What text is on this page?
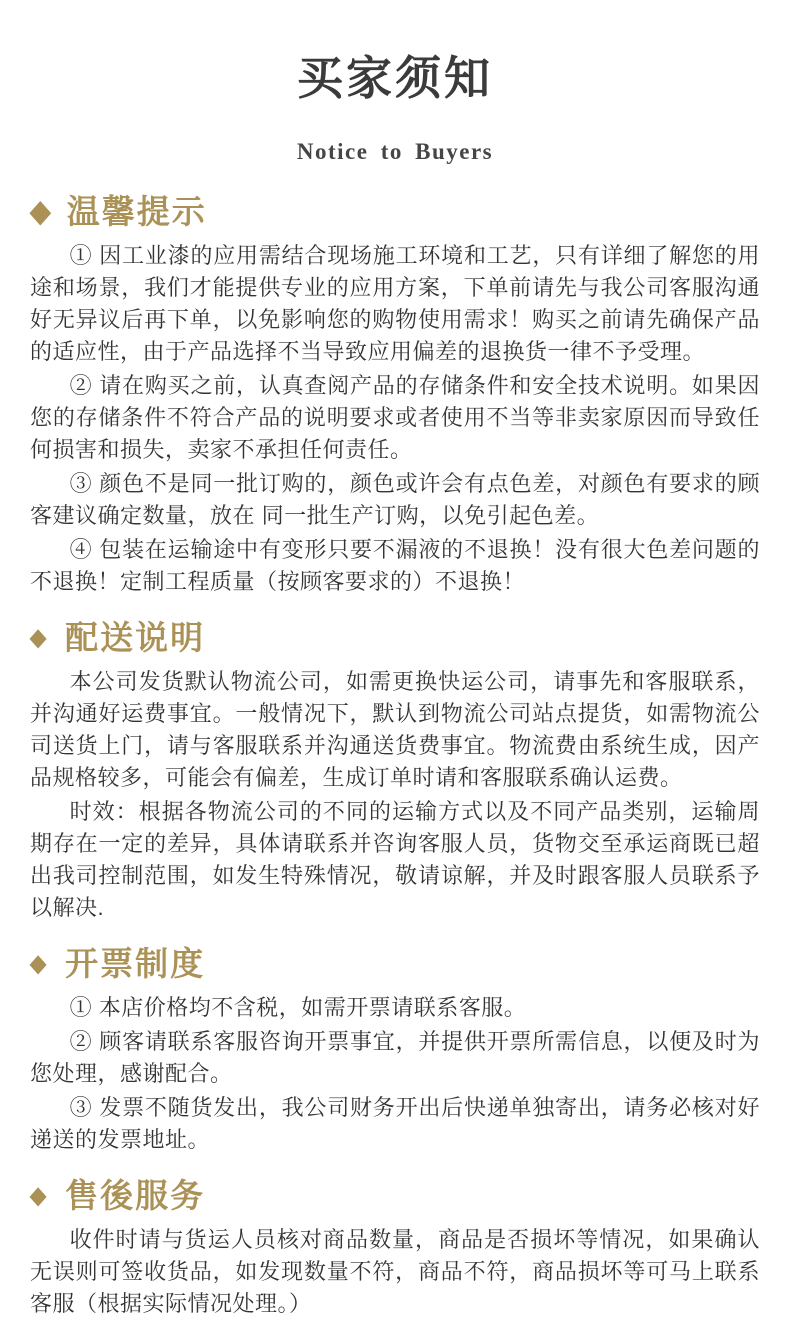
买家须知
Notice to Buyers
◆ 温馨提示

① 因工业漆的应用需结合现场施工环境和工艺，只有详细了解您的用途和场景，我们才能提供专业的应用方案，下单前请先与我公司客服沟通好无异议后再下单，以免影响您的购物使用需求！购买之前请先确保产品的适应性，由于产品选择不当导致应用偏差的退换货一律不予受理。

② 请在购买之前，认真查阅产品的存储条件和安全技术说明。如果因您的存储条件不符合产品的说明要求或者使用不当等非卖家原因而导致任何损害和损失，卖家不承担任何责任。

③ 颜色不是同一批订购的，颜色或许会有点色差，对颜色有要求的顾客建议确定数量，放在 同一批生产订购，以免引起色差。

④ 包装在运输途中有变形只要不漏液的不退换！没有很大色差问题的不退换！定制工程质量（按顾客要求的）不退换！

◆ 配送说明

本公司发货默认物流公司，如需更换快运公司，请事先和客服联系，并沟通好运费事宜。一般情况下，默认到物流公司站点提货，如需物流公司送货上门，请与客服联系并沟通送货费事宜。物流费由系统生成，因产品规格较多，可能会有偏差，生成订单时请和客服联系确认运费。

时效：根据各物流公司的不同的运输方式以及不同产品类别，运输周期存在一定的差异，具体请联系并咨询客服人员，货物交至承运商既已超出我司控制范围，如发生特殊情况，敬请谅解，并及时跟客服人员联系予以解决.

◆ 开票制度

① 本店价格均不含税，如需开票请联系客服。

② 顾客请联系客服咨询开票事宜，并提供开票所需信息，以便及时为您处理，感谢配合。

③ 发票不随货发出，我公司财务开出后快递单独寄出，请务必核对好递送的发票地址。

◆ 售後服务

收件时请与货运人员核对商品数量，商品是否损坏等情况，如果确认无误则可签收货品，如发现数量不符，商品不符，商品损坏等可马上联系客服（根据实际情况处理。）
